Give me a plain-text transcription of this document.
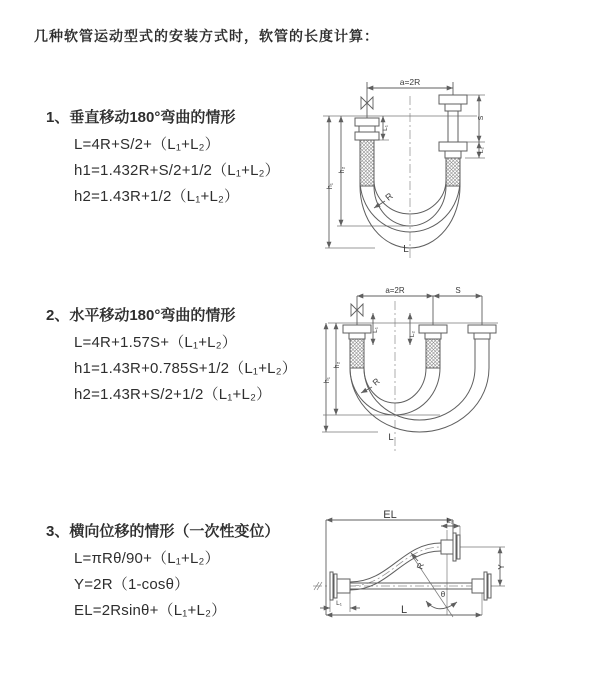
几种软管运动型式的安装方式时，软管的长度计算：
1、垂直移动180°弯曲的情形
L=4R+S/2+（L₁+L₂）
h1=1.432R+S/2+1/2（L₁+L₂）
h2=1.43R+1/2（L₁+L₂）
2、水平移动180°弯曲的情形
L=4R+1.57S+（L₁+L₂）
h1=1.43R+0.785S+1/2（L₁+L₂）
h2=1.43R+S/2+1/2（L₁+L₂）
3、横向位移的情形（一次性变位）
L=πRθ/90+（L₁+L₂）
Y=2R（1-cosθ）
EL=2Rsinθ+（L₁+L₂）
a=2R
S
L₁
L₂
h₂
h₁
R
L
a=2R	S
L₁
L₂
h₂
h₁	R
L
EL
L₂
Y
R
θ
L₁
L
